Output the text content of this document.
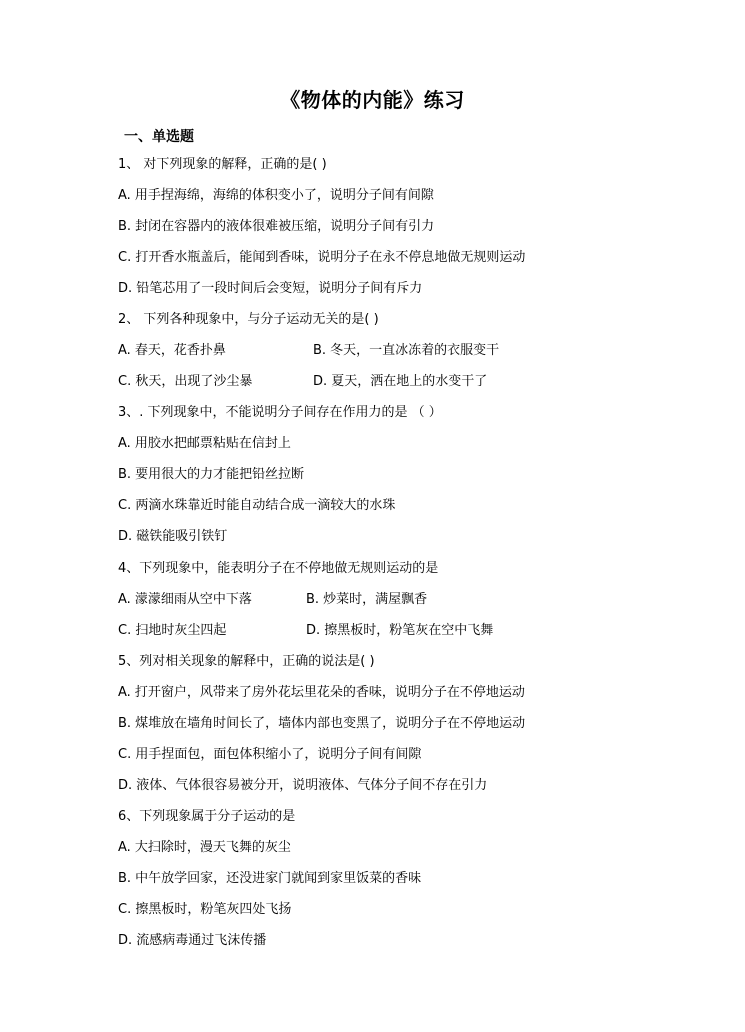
《物体的内能》练习
一、单选题
1、 对下列现象的解释，正确的是( )
A. 用手捏海绵，海绵的体积变小了，说明分子间有间隙
B. 封闭在容器内的液体很难被压缩，说明分子间有引力
C. 打开香水瓶盖后，能闻到香味，说明分子在永不停息地做无规则运动
D. 铅笔芯用了一段时间后会变短，说明分子间有斥力
2、 下列各种现象中，与分子运动无关的是( )
A. 春天，花香扑鼻	B. 冬天，一直冰冻着的衣服变干
C. 秋天，出现了沙尘暴	D. 夏天，洒在地上的水变干了
3、. 下列现象中，不能说明分子间存在作用力的是 （ ）
A. 用胶水把邮票粘贴在信封上
B. 要用很大的力才能把铅丝拉断
C. 两滴水珠靠近时能自动结合成一滴较大的水珠
D. 磁铁能吸引铁钉
4、下列现象中，能表明分子在不停地做无规则运动的是
A. 濛濛细雨从空中下落	B. 炒菜时，满屋飘香
C. 扫地时灰尘四起	D. 擦黑板时，粉笔灰在空中飞舞
5、列对相关现象的解释中，正确的说法是( )
A. 打开窗户，风带来了房外花坛里花朵的香味，说明分子在不停地运动
B. 煤堆放在墙角时间长了，墙体内部也变黑了，说明分子在不停地运动
C. 用手捏面包，面包体积缩小了，说明分子间有间隙
D. 液体、气体很容易被分开，说明液体、气体分子间不存在引力
6、下列现象属于分子运动的是
A. 大扫除时，漫天飞舞的灰尘
B. 中午放学回家，还没进家门就闻到家里饭菜的香味
C. 擦黑板时，粉笔灰四处飞扬
D. 流感病毒通过飞沫传播
